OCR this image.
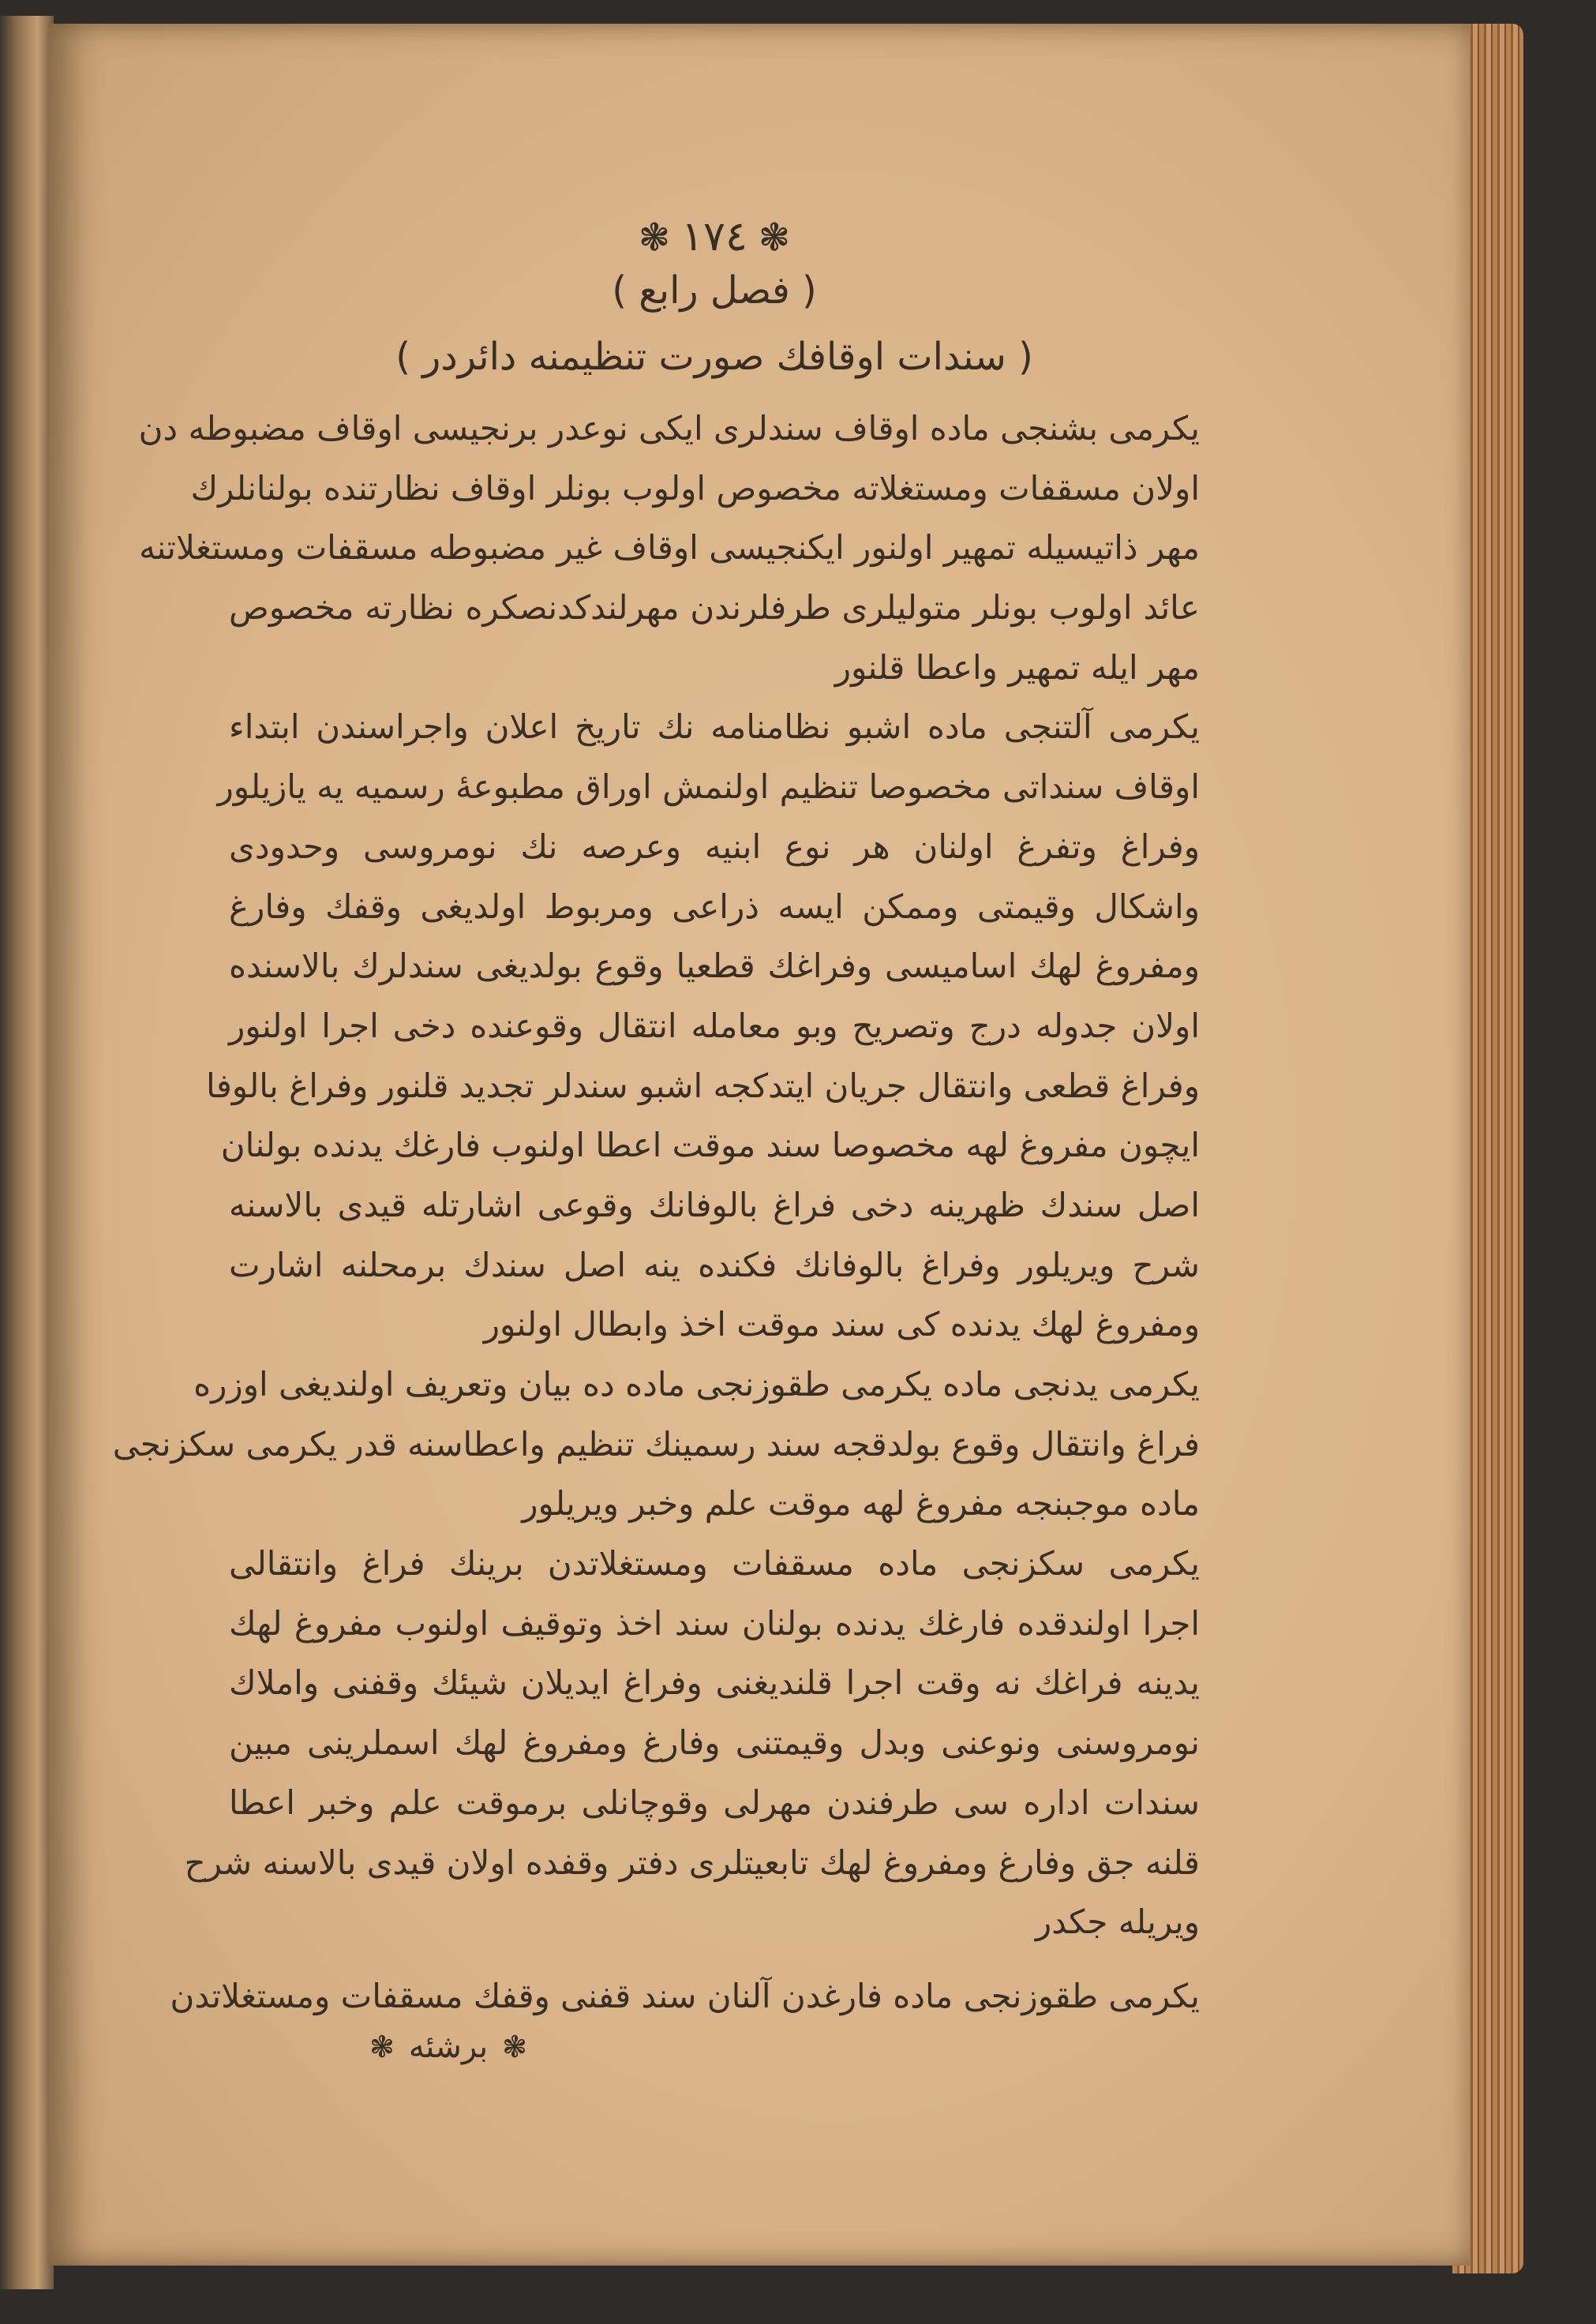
❃١٧٤❃
( فصل رابع )
( سندات اوقافك صورت تنظيمنه دائردر )
يكرمى بشنجى ماده اوقاف سندلرى ايكى نوعدر برنجيسى اوقاف مضبوطه دن
اولان مسقفات ومستغلاته مخصوص اولوب بونلر اوقاف نظارتنده بولنانلرك
مهر ذاتيسيله تمهير اولنور ايكنجيسى اوقاف غير مضبوطه مسقفات ومستغلاتنه
عائد اولوب بونلر متوليلرى طرفلرندن مهرلندكدنصكره نظارته مخصوص
مهر ايله تمهير واعطا قلنور
يكرمى آلتنجى ماده اشبو نظامنامه نك تاريخ اعلان واجراسندن ابتداء
اوقاف سنداتى مخصوصا تنظيم اولنمش اوراق مطبوعۀ رسميه يه يازيلور
وفراغ وتفرغ اولنان هر نوع ابنيه وعرصه نك نومروسى وحدودى
واشكال وقيمتى وممكن ايسه ذراعى ومربوط اولديغى وقفك وفارغ
ومفروغ لهك اساميسى وفراغك قطعيا وقوع بولديغى سندلرك بالاسنده
اولان جدوله درج وتصريح وبو معامله انتقال وقوعنده دخى اجرا اولنور
وفراغ قطعى وانتقال جريان ايتدكجه اشبو سندلر تجديد قلنور وفراغ بالوفا
ايچون مفروغ لهه مخصوصا سند موقت اعطا اولنوب فارغك يدنده بولنان
اصل سندك ظهرينه دخى فراغ بالوفانك وقوعى اشارتله قيدى بالاسنه
شرح ويريلور وفراغ بالوفانك فكنده ينه اصل سندك برمحلنه اشارت
ومفروغ لهك يدنده كى سند موقت اخذ وابطال اولنور
يكرمى يدنجى ماده يكرمى طقوزنجى ماده ده بيان وتعريف اولنديغى اوزره
فراغ وانتقال وقوع بولدقجه سند رسمينك تنظيم واعطاسنه قدر يكرمى سكزنجى
ماده موجبنجه مفروغ لهه موقت علم وخبر ويريلور
يكرمى سكزنجى ماده مسقفات ومستغلاتدن برينك فراغ وانتقالى
اجرا اولندقده فارغك يدنده بولنان سند اخذ وتوقيف اولنوب مفروغ لهك
يدينه فراغك نه وقت اجرا قلنديغنى وفراغ ايديلان شيئك وقفنى واملاك
نومروسنى ونوعنى وبدل وقيمتنى وفارغ ومفروغ لهك اسملرينى مبين
سندات اداره سى طرفندن مهرلى وقوچانلى برموقت علم وخبر اعطا
قلنه جق وفارغ ومفروغ لهك تابعيتلرى دفتر وقفده اولان قيدى بالاسنه شرح
ويريله جكدر
يكرمى طقوزنجى ماده فارغدن آلنان سند قفنى وقفك مسقفات ومستغلاتدن
❃برشئه❃
